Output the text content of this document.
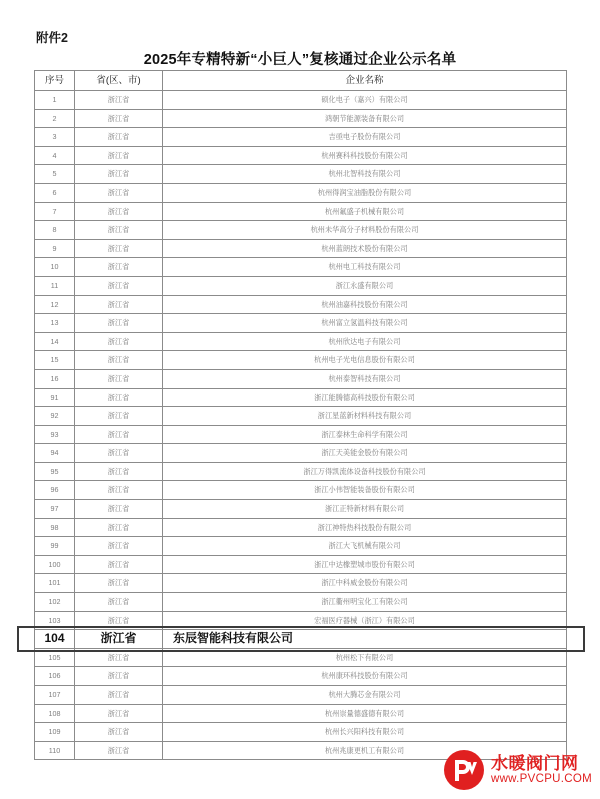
附件2
2025年专精特新“小巨人”复核通过企业公示名单
序号	省(区、市)	企业名称
1	浙江省	硕化电子（嘉兴）有限公司
2	浙江省	鸿朝节能源装备有限公司
3	浙江省	吉亟电子股份有限公司
4	浙江省	杭州赛科科技股份有限公司
5	浙江省	杭州北智科技有限公司
6	浙江省	杭州得润宝油脂股份有限公司
7	浙江省	杭州氟盛子机械有限公司
8	浙江省	杭州未华高分子材料股份有限公司
9	浙江省	杭州蓝朗技术股份有限公司
10	浙江省	杭州电工科技有限公司
11	浙江省	浙江永盛有限公司
12	浙江省	杭州油嘉科技股份有限公司
13	浙江省	杭州富立氢温科技有限公司
14	浙江省	杭州欣达电子有限公司
15	浙江省	杭州电子光电信息股份有限公司
16	浙江省	杭州泰智科技有限公司
91	浙江省	浙江能腾德高科技股份有限公司
92	浙江省	浙江星蓝新材料科技有限公司
93	浙江省	浙江泰林生命科学有限公司
94	浙江省	浙江天美能金股份有限公司
95	浙江省	浙江万得凯流体设备科技股份有限公司
96	浙江省	浙江小伟智能装备股份有限公司
97	浙江省	浙江正特新材料有限公司
98	浙江省	浙江神特热科技股份有限公司
99	浙江省	浙江大飞机械有限公司
100	浙江省	浙江中达橡塑城市股份有限公司
101	浙江省	浙江中科威金股份有限公司
102	浙江省	浙江衢州明宝化工有限公司
103	浙江省	宏福医疗器械（浙江）有限公司
104	浙江省	东辰智能科技有限公司
105	浙江省	杭州松下有限公司
106	浙江省	杭州康环科技股份有限公司
107	浙江省	杭州大腾芯金有限公司
108	浙江省	杭州崇量德盛德有限公司
109	浙江省	杭州长兴阳科技有限公司
110	浙江省	杭州兆康更机工有限公司
水暖阀门网
www.PVCPU.COM
